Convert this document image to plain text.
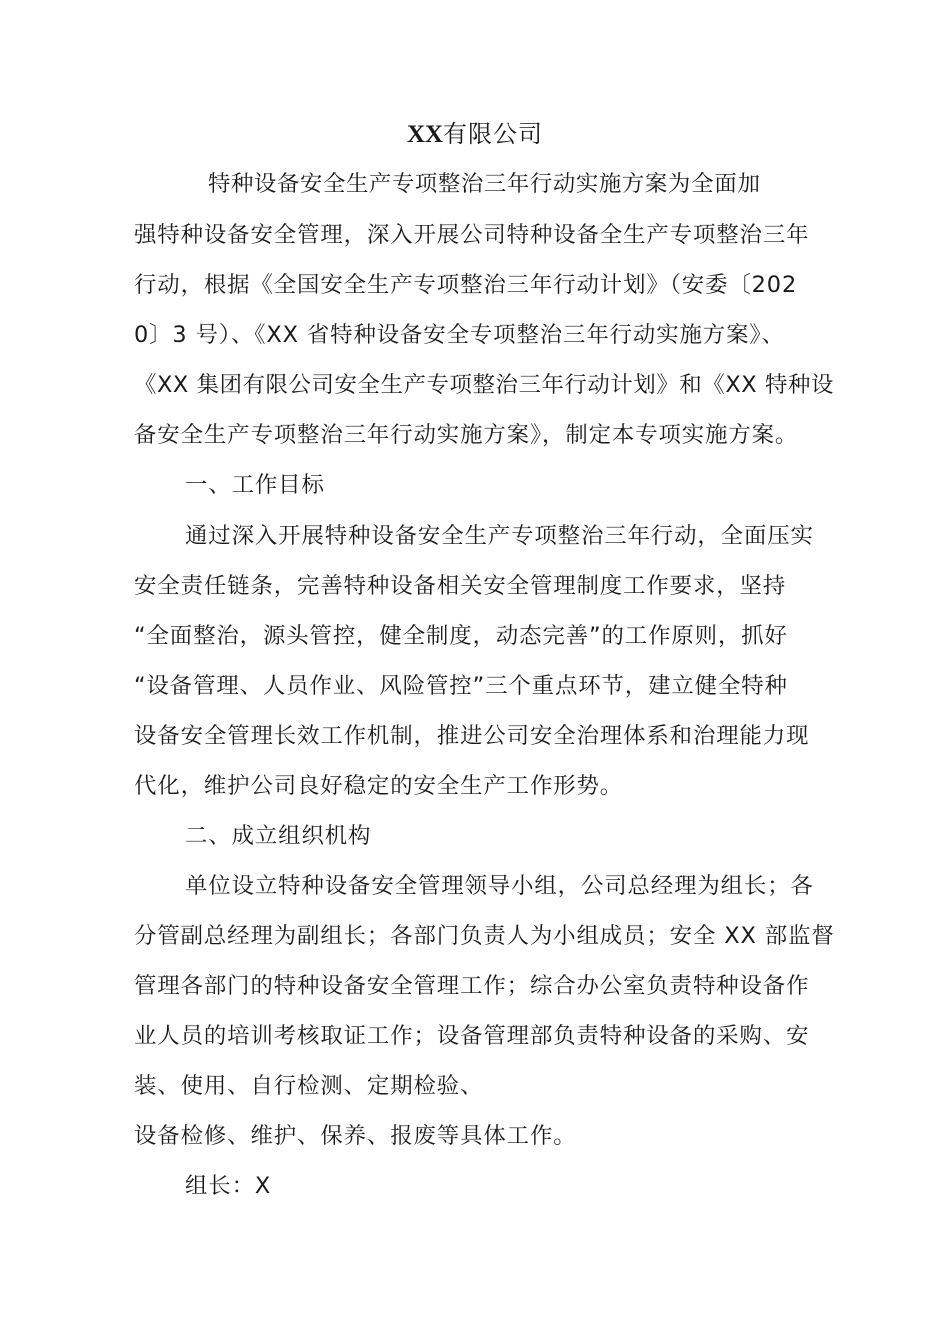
XX有限公司
特种设备安全生产专项整治三年行动实施方案为全面加
强特种设备安全管理，深入开展公司特种设备全生产专项整治三年
行动，根据《全国安全生产专项整治三年行动计划》（安委〔202
0〕3 号）、《XX 省特种设备安全专项整治三年行动实施方案》、
《XX 集团有限公司安全生产专项整治三年行动计划》和《XX 特种设
备安全生产专项整治三年行动实施方案》，制定本专项实施方案。
一、工作目标
通过深入开展特种设备安全生产专项整治三年行动，全面压实
安全责任链条，完善特种设备相关安全管理制度工作要求，坚持
“全面整治，源头管控，健全制度，动态完善”的工作原则，抓好
“设备管理、人员作业、风险管控”三个重点环节，建立健全特种
设备安全管理长效工作机制，推进公司安全治理体系和治理能力现
代化，维护公司良好稳定的安全生产工作形势。
二、成立组织机构
单位设立特种设备安全管理领导小组，公司总经理为组长；各
分管副总经理为副组长；各部门负责人为小组成员；安全 XX 部监督
管理各部门的特种设备安全管理工作；综合办公室负责特种设备作
业人员的培训考核取证工作；设备管理部负责特种设备的采购、安
装、使用、自行检测、定期检验、
设备检修、维护、保养、报废等具体工作。
组长：X
